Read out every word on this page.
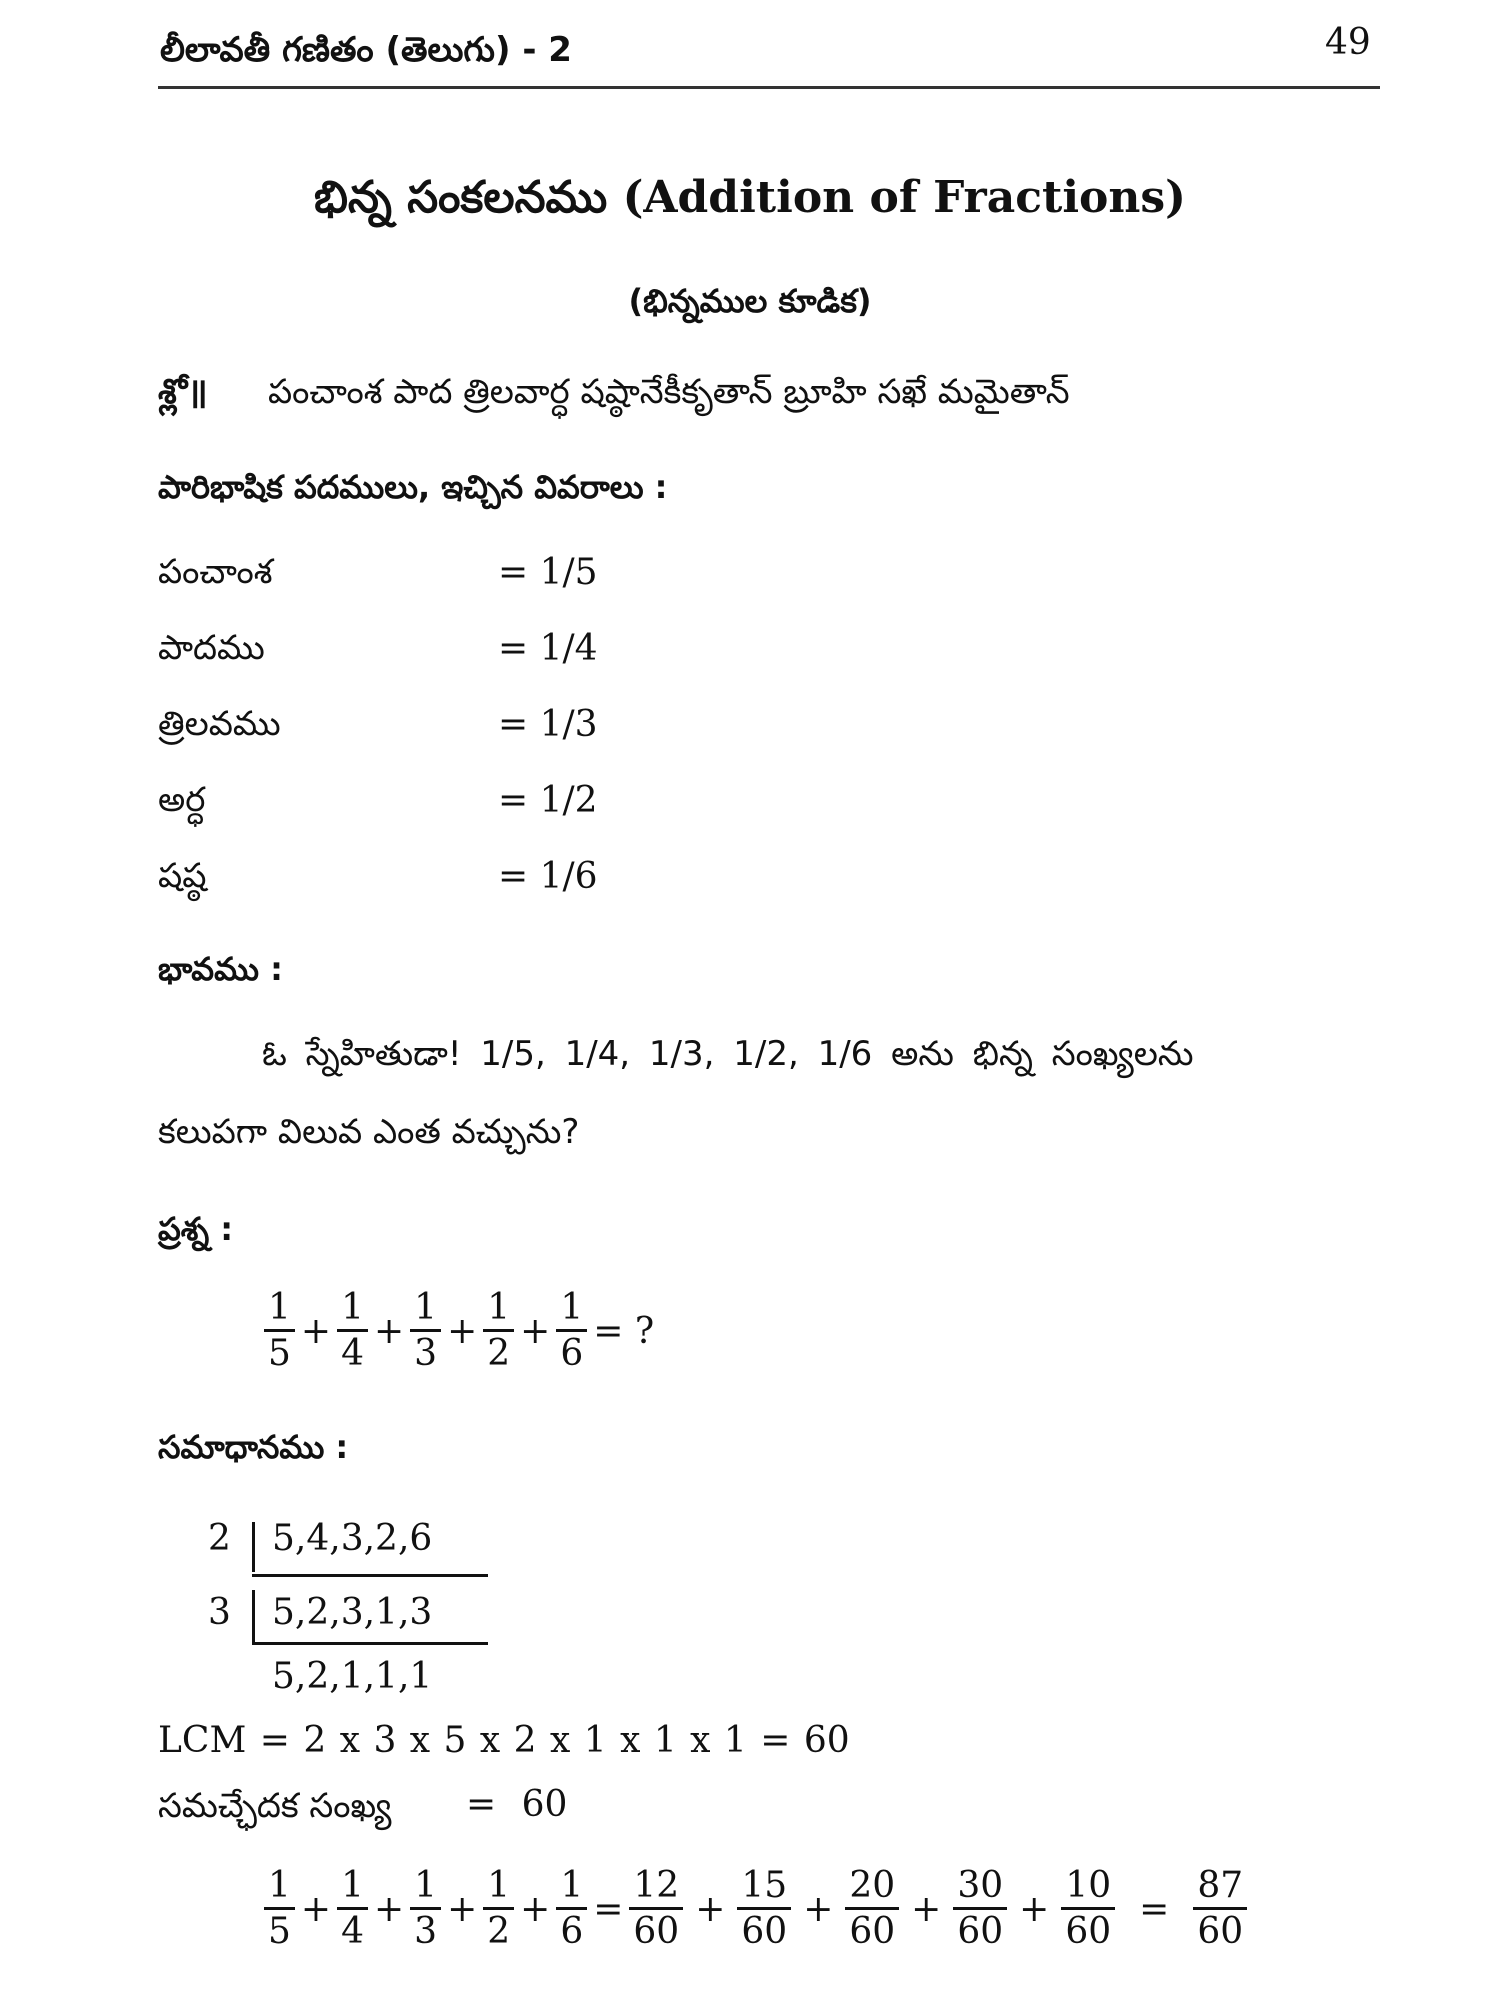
లీలావతీ గణితం (తెలుగు) - 2	49
భిన్న సంకలనము (Addition of Fractions)
(భిన్నముల కూడిక)
శ్లో॥ పంచాంశ పాద త్రిలవార్ధ షష్ఠానేకీకృతాన్ బ్రూహి సఖే మమైతాన్
పారిభాషిక పదములు, ఇచ్చిన వివరాలు :
పంచాంశ	= 1/5
పాదము	= 1/4
త్రిలవము	= 1/3
అర్ధ	= 1/2
షష్ఠ	= 1/6
భావము :
ఓ స్నేహితుడా! 1/5, 1/4, 1/3, 1/2, 1/6 అను భిన్న సంఖ్యలను
కలుపగా విలువ ఎంత వచ్చును?
ప్రశ్న :
$\frac{1}{5} + \frac{1}{4} + \frac{1}{3} + \frac{1}{2} + \frac{1}{6}$ = ?
సమాధానము :
2 5,4,3,2,6
3 5,2,3,1,3
5,2,1,1,1
LCM = 2 x 3 x 5 x 2 x 1 x 1 x 1 = 60
సమచ్ఛేదక సంఖ్య = 60
$\frac{1}{5} + \frac{1}{4} + \frac{1}{3} + \frac{1}{2} + \frac{1}{6} = \frac{12}{60} + \frac{15}{60} + \frac{20}{60} + \frac{30}{60} + \frac{10}{60} = \frac{87}{60}$
